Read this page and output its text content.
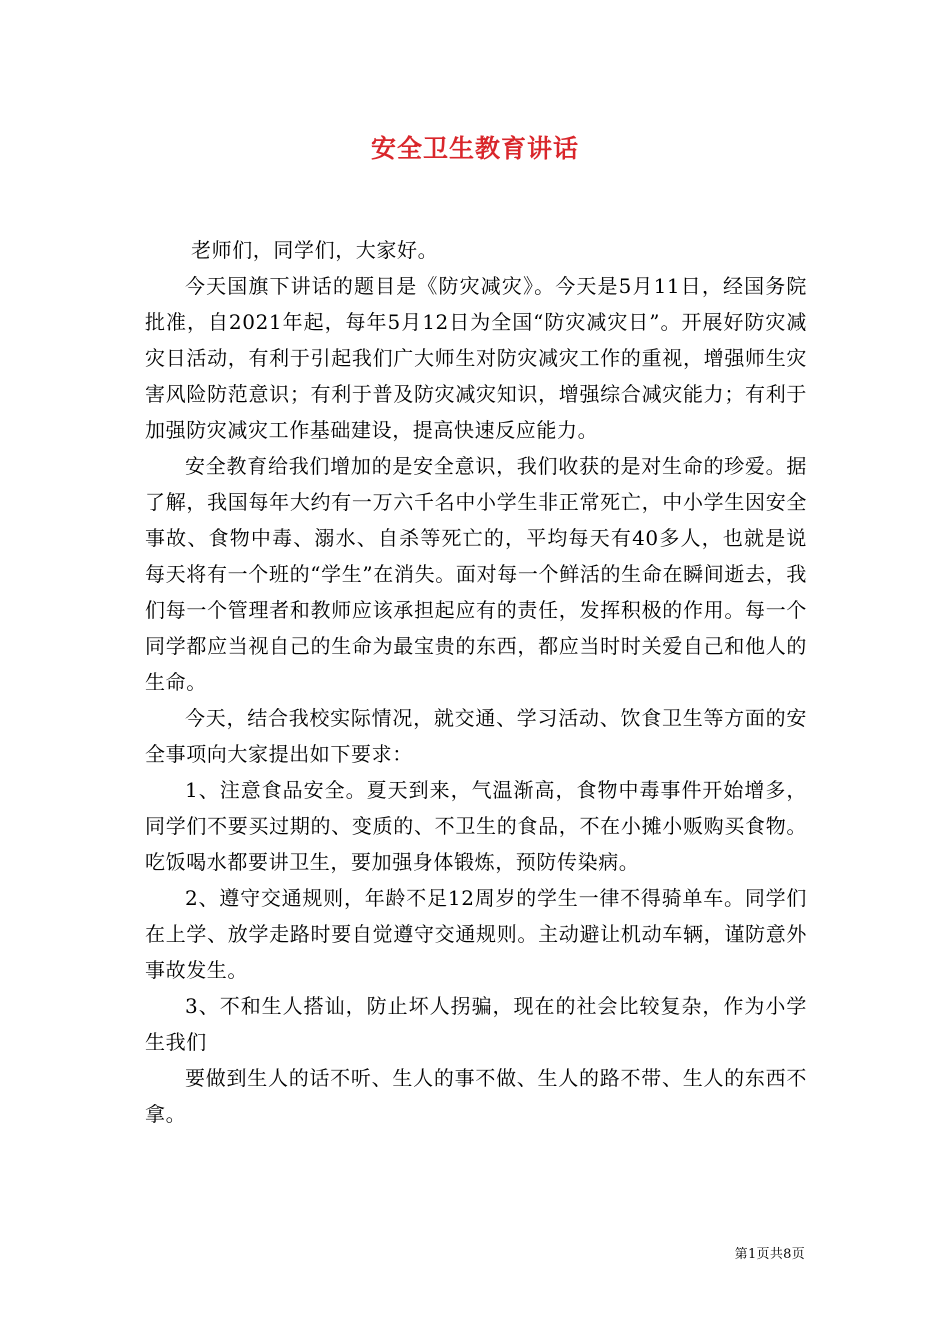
安全卫生教育讲话

老师们，同学们，大家好。

今天国旗下讲话的题目是《防灾减灾》。今天是5月11日，经国务院批准，自2021年起，每年5月12日为全国“防灾减灾日”。开展好防灾减灾日活动，有利于引起我们广大师生对防灾减灾工作的重视，增强师生灾害风险防范意识；有利于普及防灾减灾知识，增强综合减灾能力；有利于加强防灾减灾工作基础建设，提高快速反应能力。

安全教育给我们增加的是安全意识，我们收获的是对生命的珍爱。据了解，我国每年大约有一万六千名中小学生非正常死亡，中小学生因安全事故、食物中毒、溺水、自杀等死亡的，平均每天有40多人，也就是说每天将有一个班的“学生”在消失。面对每一个鲜活的生命在瞬间逝去，我们每一个管理者和教师应该承担起应有的责任，发挥积极的作用。每一个同学都应当视自己的生命为最宝贵的东西，都应当时时关爱自己和他人的生命。

今天，结合我校实际情况，就交通、学习活动、饮食卫生等方面的安全事项向大家提出如下要求：

1、注意食品安全。夏天到来，气温渐高，食物中毒事件开始增多，同学们不要买过期的、变质的、不卫生的食品，不在小摊小贩购买食物。吃饭喝水都要讲卫生，要加强身体锻炼，预防传染病。

2、遵守交通规则，年龄不足12周岁的学生一律不得骑单车。同学们在上学、放学走路时要自觉遵守交通规则。主动避让机动车辆，谨防意外事故发生。

3、不和生人搭讪，防止坏人拐骗，现在的社会比较复杂，作为小学生我们

要做到生人的话不听、生人的事不做、生人的路不带、生人的东西不拿。

第1页共8页
